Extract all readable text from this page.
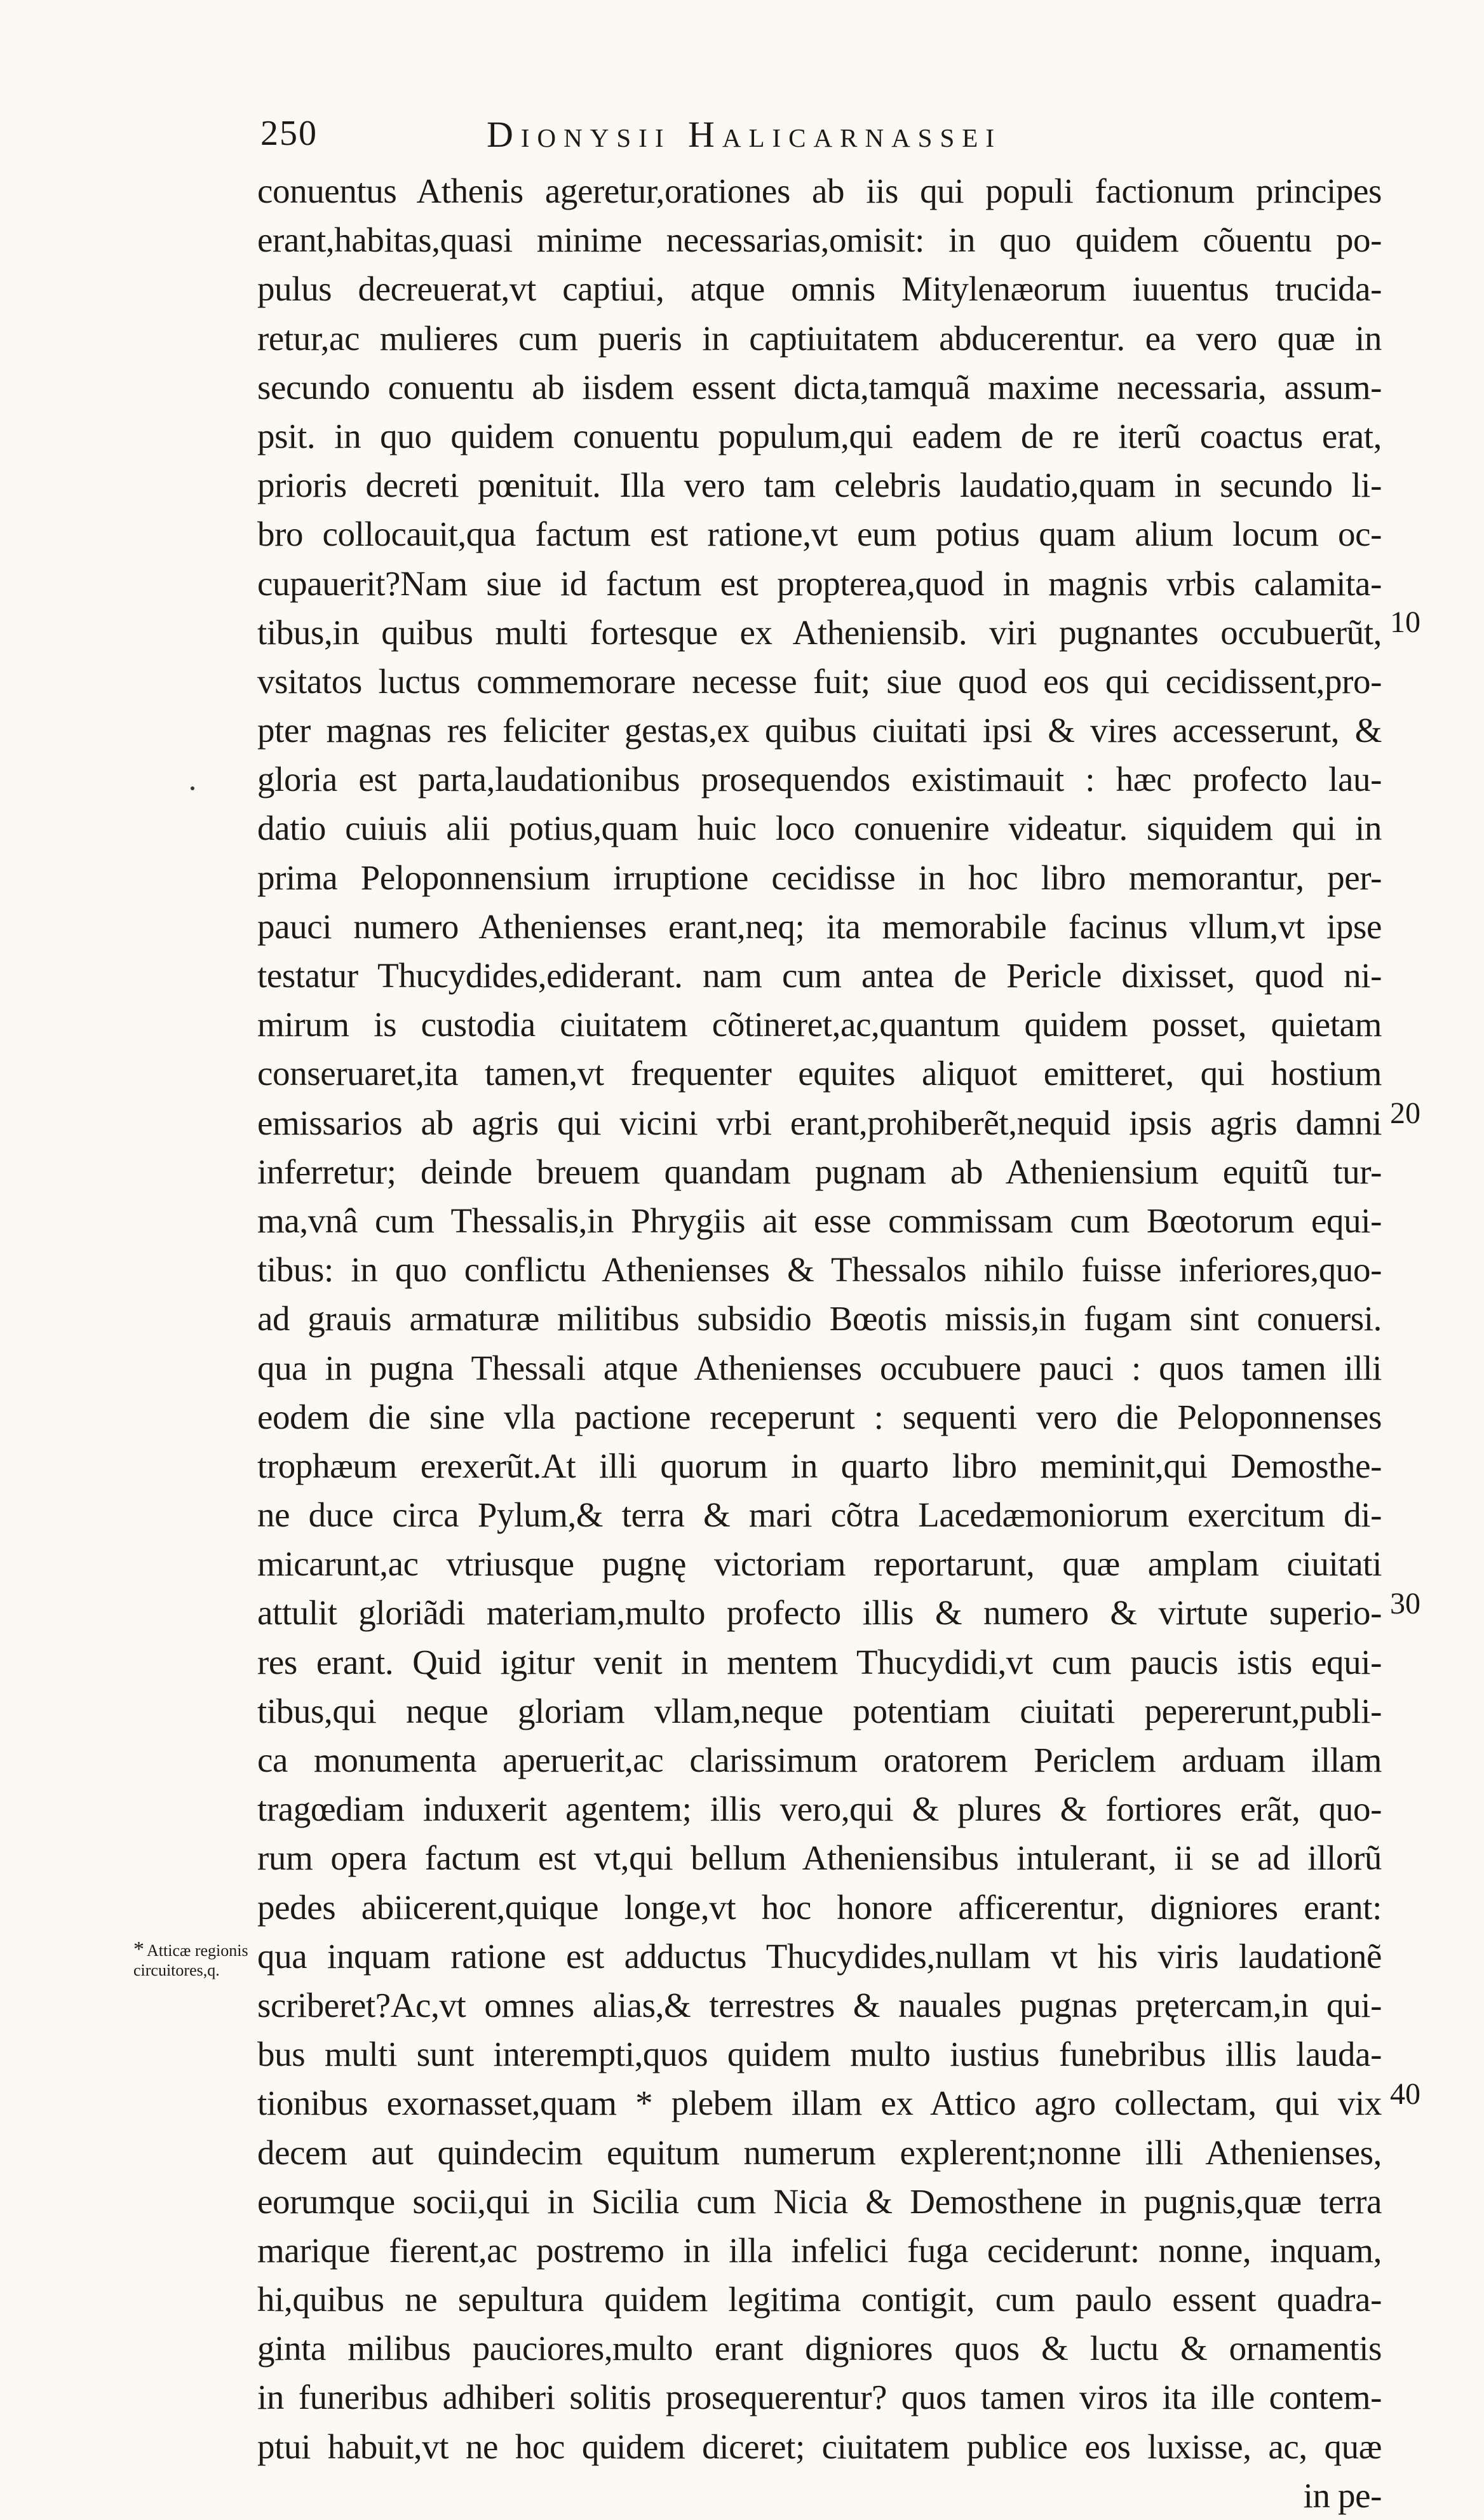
250	Dionysii Halicarnassei
conuentus Athenis ageretur,orationes ab iis qui populi factionum principes
erant,habitas,quasi minime necessarias,omisit: in quo quidem cõuentu po-
pulus decreuerat,vt captiui, atque omnis Mitylenæorum iuuentus trucida-
retur,ac mulieres cum pueris in captiuitatem abducerentur. ea vero quæ in
secundo conuentu ab iisdem essent dicta,tamquã maxime necessaria, assum-
psit. in quo quidem conuentu populum,qui eadem de re iterũ coactus erat,
prioris decreti pœnituit. Illa vero tam celebris laudatio,quam in secundo li-
bro collocauit,qua factum est ratione,vt eum potius quam alium locum oc-
cupauerit?Nam siue id factum est propterea,quod in magnis vrbis calamita-
tibus,in quibus multi fortesque ex Atheniensib. viri pugnantes occubuerũt,
vsitatos luctus commemorare necesse fuit; siue quod eos qui cecidissent,pro-
pter magnas res feliciter gestas,ex quibus ciuitati ipsi & vires accesserunt, &
gloria est parta,laudationibus prosequendos existimauit : hæc profecto lau-
datio cuiuis alii potius,quam huic loco conuenire videatur. siquidem qui in
prima Peloponnensium irruptione cecidisse in hoc libro memorantur, per-
pauci numero Athenienses erant,neq; ita memorabile facinus vllum,vt ipse
testatur Thucydides,ediderant. nam cum antea de Pericle dixisset, quod ni-
mirum is custodia ciuitatem cõtineret,ac,quantum quidem posset, quietam
conseruaret,ita tamen,vt frequenter equites aliquot emitteret, qui hostium
emissarios ab agris qui vicini vrbi erant,prohiberẽt,nequid ipsis agris damni
inferretur; deinde breuem quandam pugnam ab Atheniensium equitũ tur-
ma,vnâ cum Thessalis,in Phrygiis ait esse commissam cum Bœotorum equi-
tibus: in quo conflictu Athenienses & Thessalos nihilo fuisse inferiores,quo-
ad grauis armaturæ militibus subsidio Bœotis missis,in fugam sint conuersi.
qua in pugna Thessali atque Athenienses occubuere pauci : quos tamen illi
eodem die sine vlla pactione receperunt : sequenti vero die Peloponnenses
trophæum erexerũt.At illi quorum in quarto libro meminit,qui Demosthe-
ne duce circa Pylum,& terra & mari cõtra Lacedæmoniorum exercitum di-
micarunt,ac vtriusque pugnę victoriam reportarunt, quæ amplam ciuitati
attulit gloriãdi materiam,multo profecto illis & numero & virtute superio-
res erant. Quid igitur venit in mentem Thucydidi,vt cum paucis istis equi-
tibus,qui neque gloriam vllam,neque potentiam ciuitati pepererunt,publi-
ca monumenta aperuerit,ac clarissimum oratorem Periclem arduam illam
tragœdiam induxerit agentem; illis vero,qui & plures & fortiores erãt, quo-
rum opera factum est vt,qui bellum Atheniensibus intulerant, ii se ad illorũ
pedes abiicerent,quique longe,vt hoc honore afficerentur, digniores erant:
qua inquam ratione est adductus Thucydides,nullam vt his viris laudationẽ
scriberet?Ac,vt omnes alias,& terrestres & nauales pugnas prętercam,in qui-
bus multi sunt interempti,quos quidem multo iustius funebribus illis lauda-
tionibus exornasset,quam * plebem illam ex Attico agro collectam, qui vix
decem aut quindecim equitum numerum explerent;nonne illi Athenienses,
eorumque socii,qui in Sicilia cum Nicia & Demosthene in pugnis,quæ terra
marique fierent,ac postremo in illa infelici fuga ceciderunt: nonne, inquam,
hi,quibus ne sepultura quidem legitima contigit, cum paulo essent quadra-
ginta milibus pauciores,multo erant digniores quos & luctu & ornamentis
in funeribus adhiberi solitis prosequerentur? quos tamen viros ita ille contem-
ptui habuit,vt ne hoc quidem diceret; ciuitatem publice eos luxisse, ac, quæ
in pe-
10
20
30
40
* Atticæ regionis circuitores,q.
